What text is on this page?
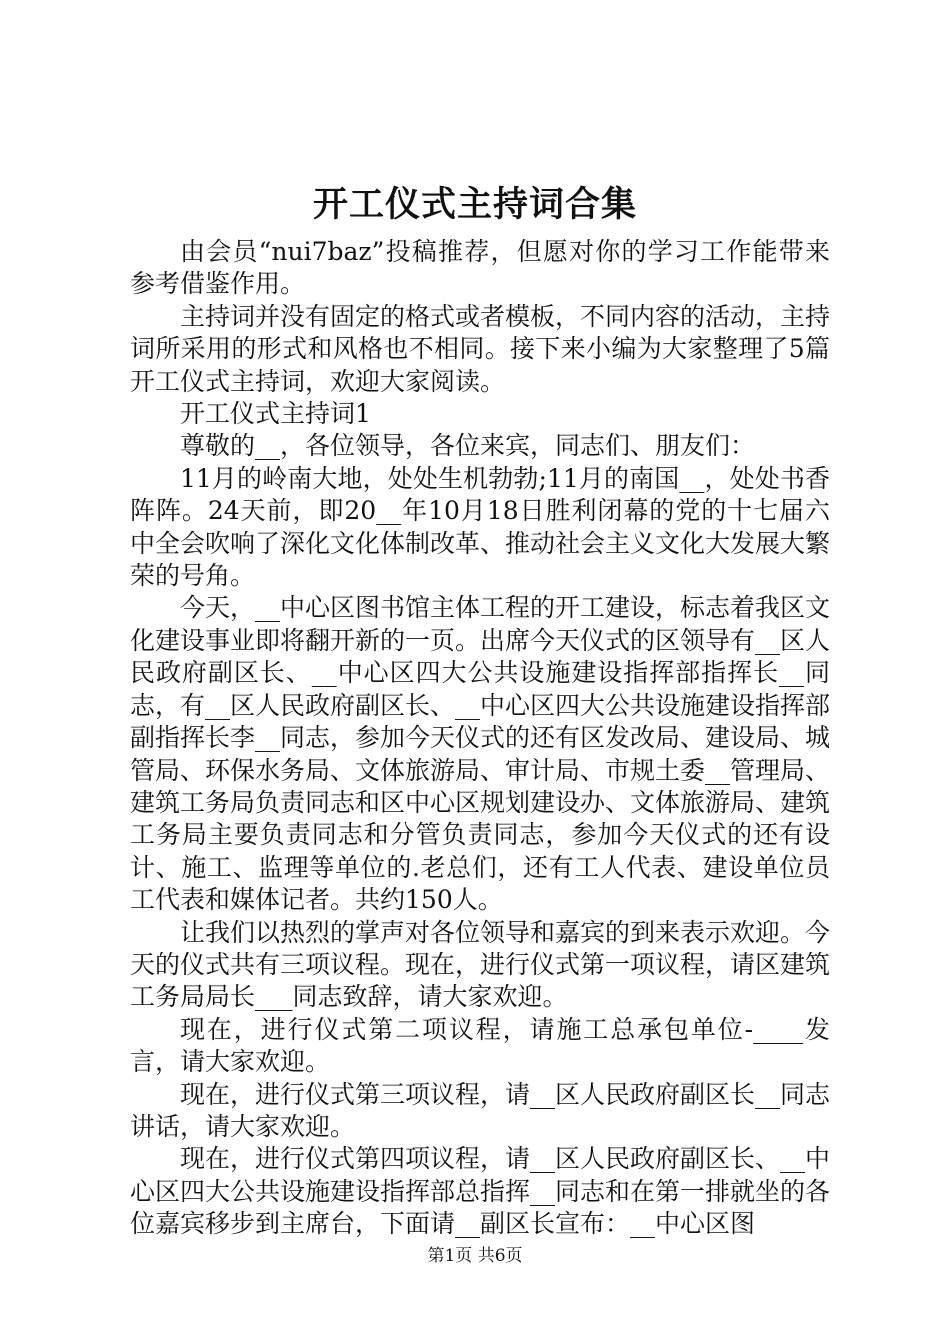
开工仪式主持词合集

由会员“nui7baz”投稿推荐，但愿对你的学习工作能带来参考借鉴作用。

主持词并没有固定的格式或者模板，不同内容的活动，主持词所采用的形式和风格也不相同。接下来小编为大家整理了5篇开工仪式主持词，欢迎大家阅读。

开工仪式主持词1

尊敬的__，各位领导，各位来宾，同志们、朋友们：

11月的岭南大地，处处生机勃勃;11月的南国__，处处书香阵阵。24天前，即20__年10月18日胜利闭幕的党的十七届六中全会吹响了深化文化体制改革、推动社会主义文化大发展大繁荣的号角。

今天，__中心区图书馆主体工程的开工建设，标志着我区文化建设事业即将翻开新的一页。出席今天仪式的区领导有__区人民政府副区长、__中心区四大公共设施建设指挥部指挥长__同志，有__区人民政府副区长、__中心区四大公共设施建设指挥部副指挥长李__同志，参加今天仪式的还有区发改局、建设局、城管局、环保水务局、文体旅游局、审计局、市规土委__管理局、建筑工务局负责同志和区中心区规划建设办、文体旅游局、建筑工务局主要负责同志和分管负责同志，参加今天仪式的还有设计、施工、监理等单位的.老总们，还有工人代表、建设单位员工代表和媒体记者。共约150人。

让我们以热烈的掌声对各位领导和嘉宾的到来表示欢迎。今天的仪式共有三项议程。现在，进行仪式第一项议程，请区建筑工务局局长___同志致辞，请大家欢迎。

现在，进行仪式第二项议程，请施工总承包单位-____发言，请大家欢迎。

现在，进行仪式第三项议程，请__区人民政府副区长__同志讲话，请大家欢迎。

现在，进行仪式第四项议程，请__区人民政府副区长、__中心区四大公共设施建设指挥部总指挥__同志和在第一排就坐的各位嘉宾移步到主席台，下面请__副区长宣布：__中心区图

第1页 共6页
